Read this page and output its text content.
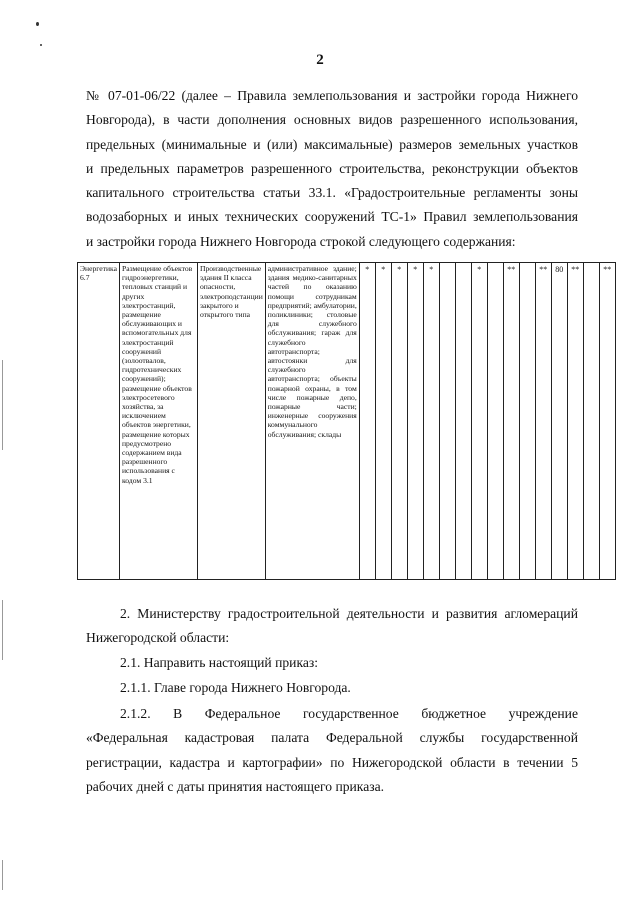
2
№ 07-01-06/22 (далее – Правила землепользования и застройки города Нижнего
Новгорода), в части дополнения основных видов разрешенного использования,
предельных (минимальные и (или) максимальные) размеров земельных участков
и предельных параметров разрешенного строительства, реконструкции объектов
капитального строительства статьи 33.1. «Градостроительные регламенты зоны
водозаборных и иных технических сооружений ТС-1» Правил землепользования
и застройки города Нижнего Новгорода строкой следующего содержания:
Энергетика 6.7	Размещение объектов гидроэнергетики, тепловых станций и других электростанций, размещение обслуживающих и вспомогательных для электростанций сооружений (золоотвалов, гидротехнических сооружений); размещение объектов электросетевого хозяйства, за исключением объектов энергетики, размещение которых предусмотрено содержанием вида разрешенного использования с кодом 3.1	Производственные здания II класса опасности, электроподстанции закрытого и открытого типа	административное здание; здания медико-санитарных частей по оказанию помощи сотрудникам предприятий; амбулатории, поликлиники; столовые для служебного обслуживания; гараж для служебного автотранспорта; автостоянки для служебного автотранспорта; объекты пожарной охраны, в том числе пожарные депо, пожарные части; инженерные сооружения коммунального обслуживания; склады	*	*	*	*	*			*		**		**	80	**		**
2. Министерству градостроительной деятельности и развития агломераций
Нижегородской области:
2.1. Направить настоящий приказ:
2.1.1. Главе города Нижнего Новгорода.
2.1.2. В Федеральное государственное бюджетное учреждение
«Федеральная кадастровая палата Федеральной службы государственной
регистрации, кадастра и картографии» по Нижегородской области в течении 5
рабочих дней с даты принятия настоящего приказа.
